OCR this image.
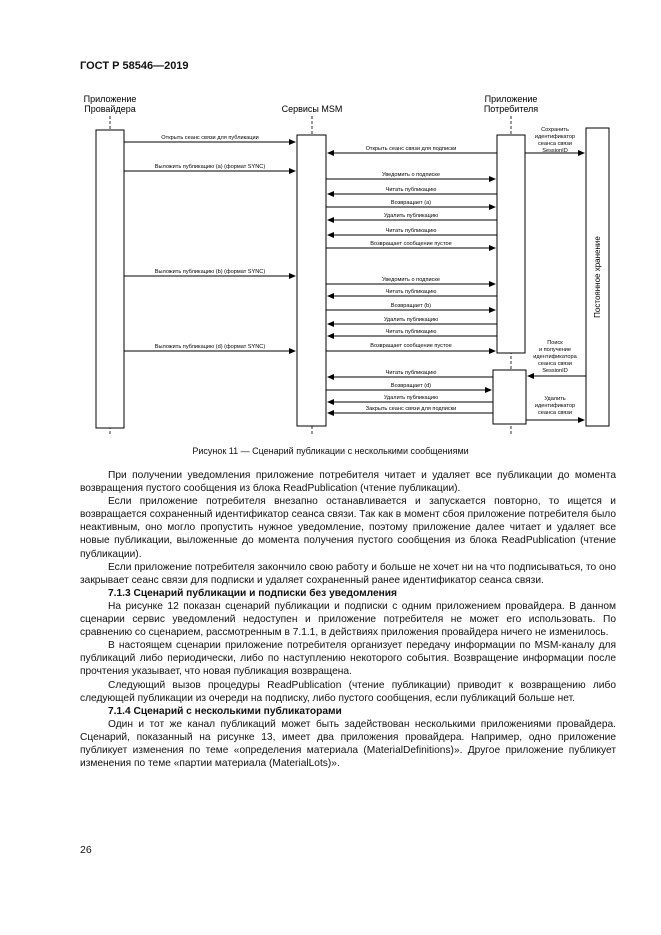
ГОСТ Р 58546—2019
Приложение
Провайдера	Сервисы MSM
Приложение
Потребителя
Постоянное хранение
Открыть сеанс связи для публикации
Открыть сеанс связи для подписки
Выложить публикацию (а) (формат SYNC)
Уведомить о подписке
Читать публикацию
Возвращает (а)
Удалить публикацию
Читать публикацию
Возвращает сообщение пустое
Выложить публикацию (b) (формат SYNC)
Уведомить о подписке
Читать публикацию
Возвращает (b)
Удалить публикацию
Читать публикацию
Выложить публикацию (d) (формат SYNC)	Возвращает сообщение пустое
Читать публикацию
Возвращает (d)
Удалить публикацию
Закрыть сеанс связи для подписки
Сохранить
идентификатор
сеанса связи
SessionID
Поиск
и получение
идентификатора
сеанса связи
SessionID
Удалить
идентификатор
сеанса связи
Рисунок 11 — Сценарий публикации с несколькими сообщениями

При получении уведомления приложение потребителя читает и удаляет все публикации до момента возвращения пустого сообщения из блока ReadPublication (чтение публикации).

Если приложение потребителя внезапно останавливается и запускается повторно, то ищется и возвращается сохраненный идентификатор сеанса связи. Так как в момент сбоя приложение потребителя было неактивным, оно могло пропустить нужное уведомление, поэтому приложение далее читает и удаляет все новые публикации, выложенные до момента получения пустого сообщения из блока ReadPublication (чтение публикации).

Если приложение потребителя закончило свою работу и больше не хочет ни на что подписываться, то оно закрывает сеанс связи для подписки и удаляет сохраненный ранее идентификатор сеанса связи.

7.1.3 Сценарий публикации и подписки без уведомления

На рисунке 12 показан сценарий публикации и подписки с одним приложением провайдера. В данном сценарии сервис уведомлений недоступен и приложение потребителя не может его использовать. По сравнению со сценарием, рассмотренным в 7.1.1, в действиях приложения провайдера ничего не изменилось.

В настоящем сценарии приложение потребителя организует передачу информации по MSM-каналу для публикаций либо периодически, либо по наступлению некоторого события. Возвращение информации после прочтения указывает, что новая публикация возвращена.

Следующий вызов процедуры ReadPublication (чтение публикации) приводит к возвращению либо следующей публикации из очереди на подписку, либо пустого сообщения, если публикаций больше нет.

7.1.4 Сценарий с несколькими публикаторами

Один и тот же канал публикаций может быть задействован несколькими приложениями провайдера. Сценарий, показанный на рисунке 13, имеет два приложения провайдера. Например, одно приложение публикует изменения по теме «определения материала (MaterialDefinitions)». Другое приложение публикует изменения по теме «партии материала (MaterialLots)».

26
